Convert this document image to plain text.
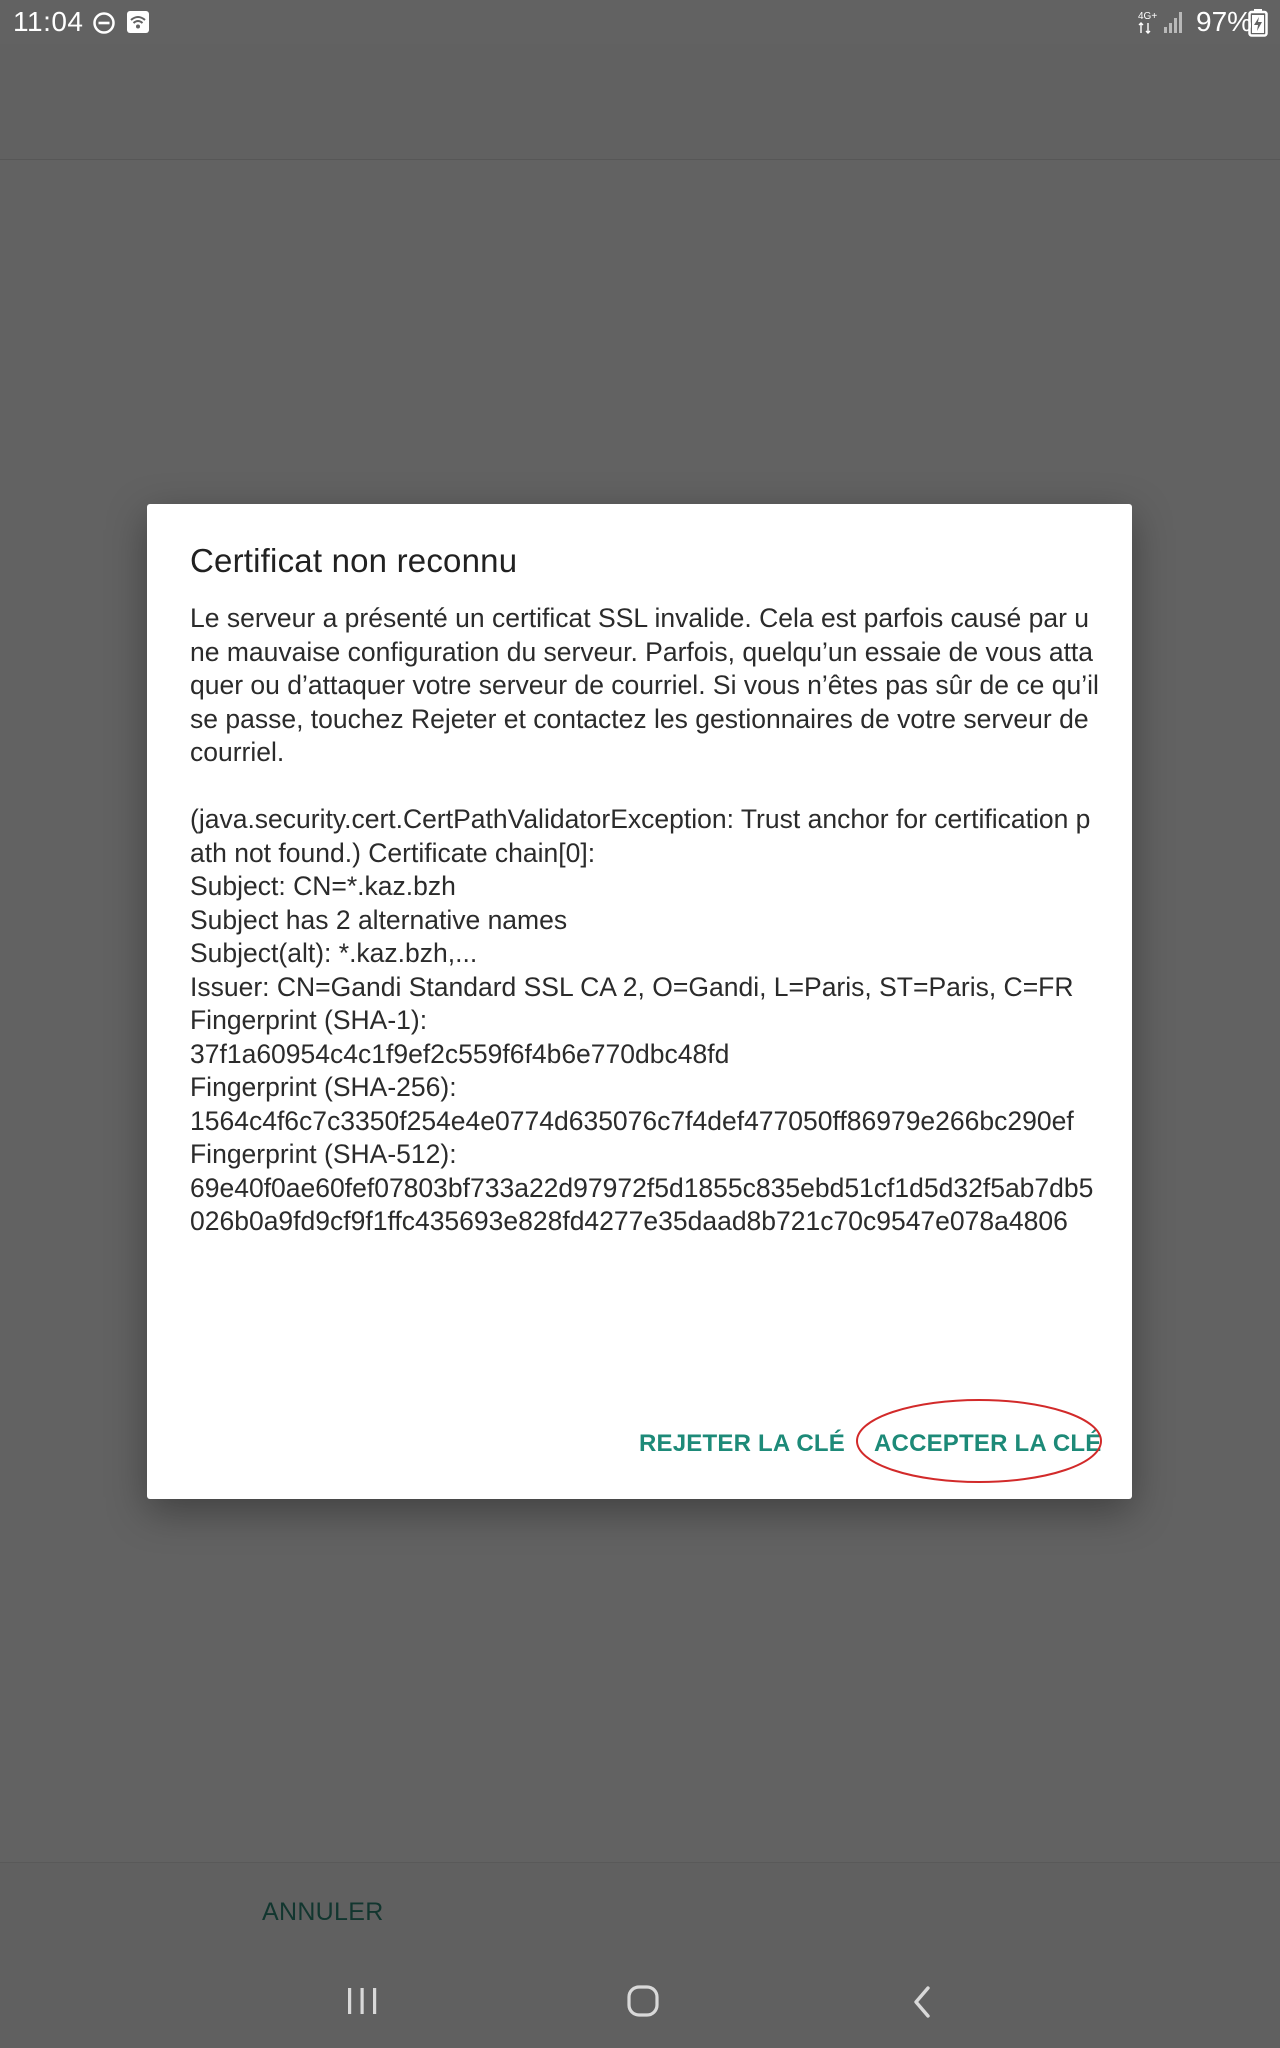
11:04	4G+ 97%
ANNULER
Certificat non reconnu

Le serveur a présenté un certificat SSL invalide. Cela est parfois causé par une mauvaise configuration du serveur. Parfois, quelqu’un essaie de vous attaquer ou d’attaquer votre serveur de courriel. Si vous n’êtes pas sûr de ce qu’il se passe, touchez Rejeter et contactez les gestionnaires de votre serveur de courriel.

(java.security.cert.CertPathValidatorException: Trust anchor for certification path not found.) Certificate chain[0]:
Subject: CN=*.kaz.bzh
Subject has 2 alternative names
Subject(alt): *.kaz.bzh,...
Issuer: CN=Gandi Standard SSL CA 2, O=Gandi, L=Paris, ST=Paris, C=FR
Fingerprint (SHA-1):
37f1a60954c4c1f9ef2c559f6f4b6e770dbc48fd
Fingerprint (SHA-256):
1564c4f6c7c3350f254e4e0774d635076c7f4def477050ff86979e266bc290ef
Fingerprint (SHA-512):
69e40f0ae60fef07803bf733a22d97972f5d1855c835ebd51cf1d5d32f5ab7db5026b0a9fd9cf9f1ffc435693e828fd4277e35daad8b721c70c9547e078a4806

REJETER LA CLÉ ACCEPTER LA CLÉ
